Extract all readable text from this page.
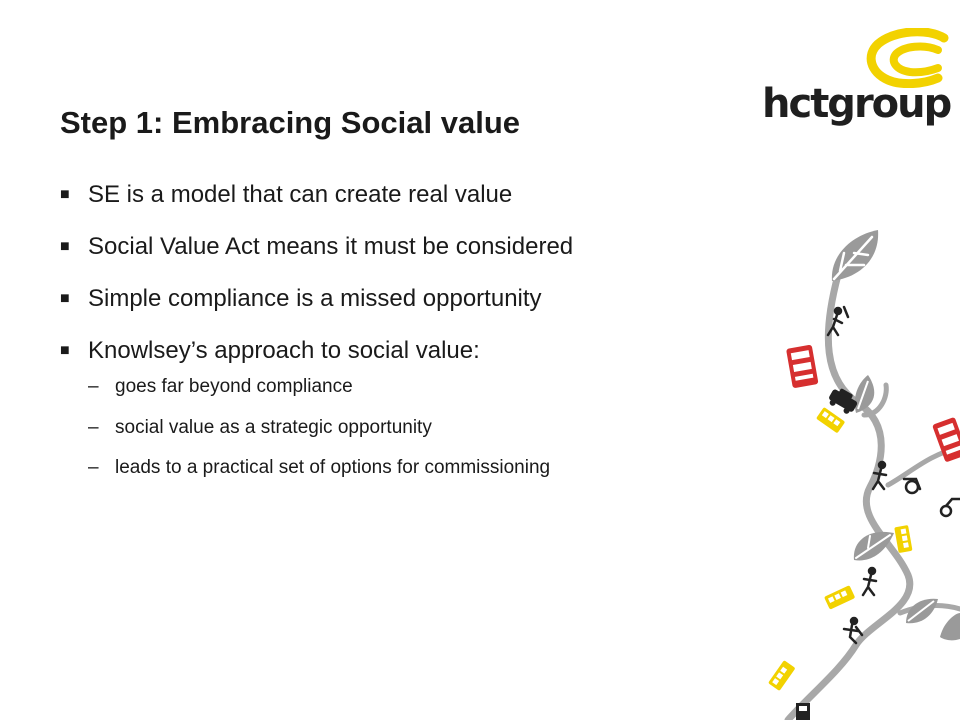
hctgroup
Step 1: Embracing Social value
■ SE is a model that can create real value
■ Social Value Act means it must be considered
■ Simple compliance is a missed opportunity
■ Knowlsey’s approach to social value:
– goes far beyond compliance
– social value as a strategic opportunity
– leads to a practical set of options for commissioning
